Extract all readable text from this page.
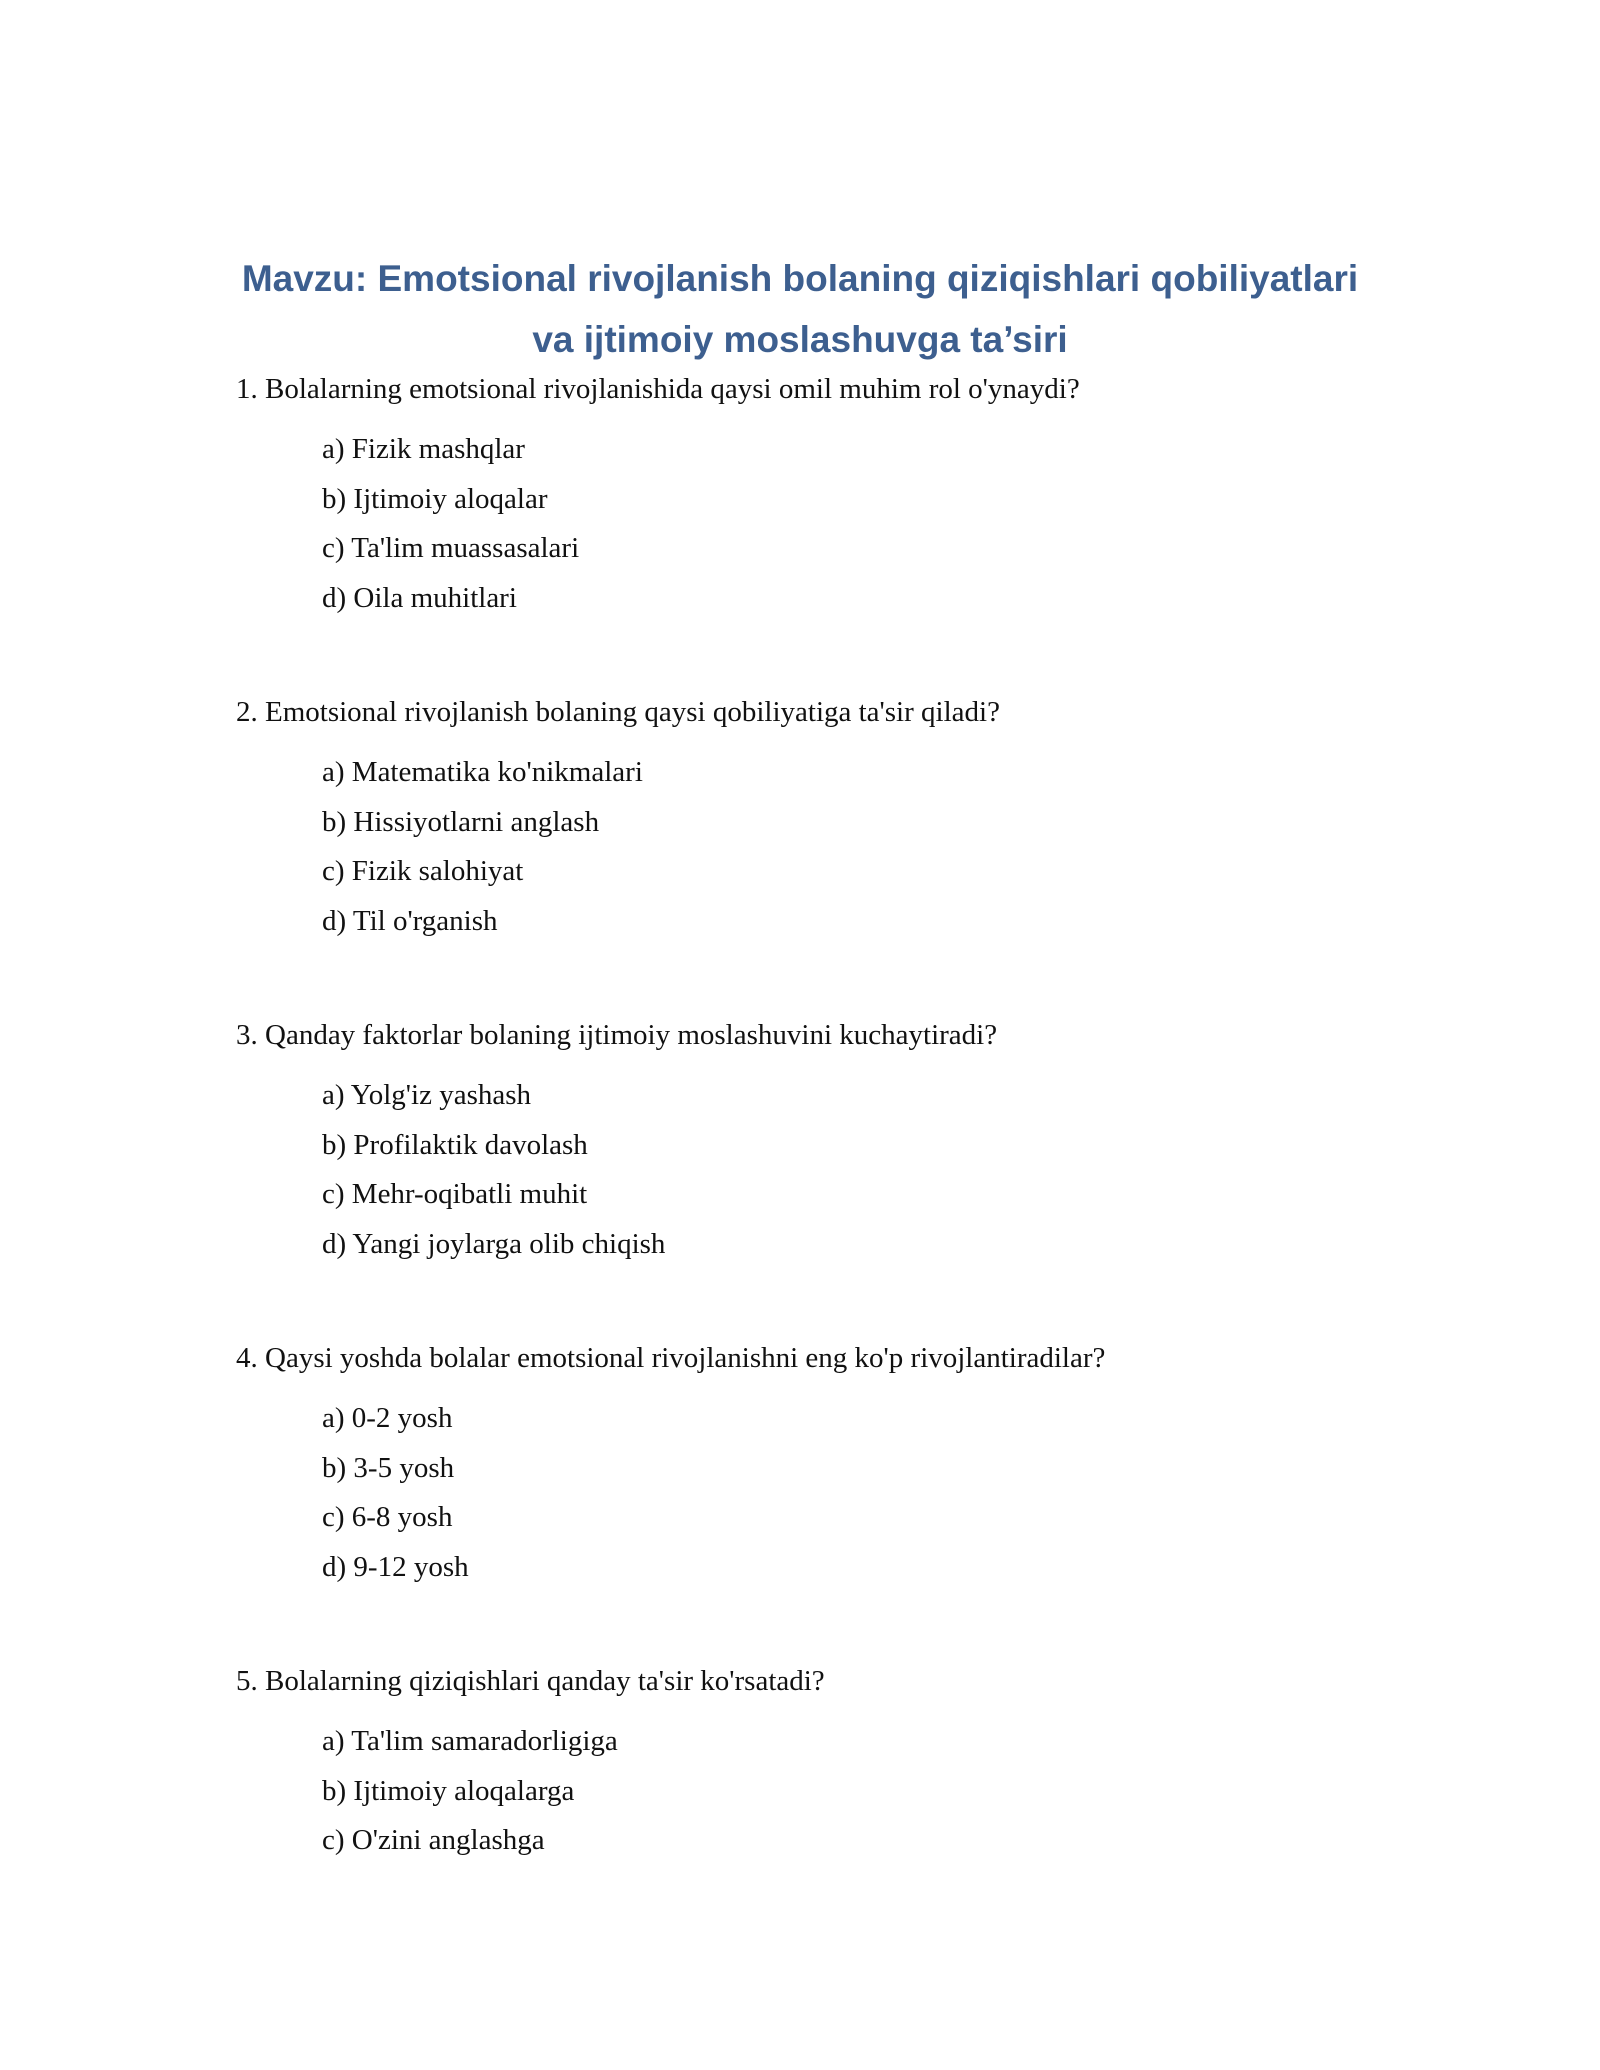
Mavzu: Emotsional rivojlanish bolaning qiziqishlari qobiliyatlari
va ijtimoiy moslashuvga ta’siri
1. Bolalarning emotsional rivojlanishida qaysi omil muhim rol o'ynaydi?
a) Fizik mashqlar
b) Ijtimoiy aloqalar
c) Ta'lim muassasalari
d) Oila muhitlari
2. Emotsional rivojlanish bolaning qaysi qobiliyatiga ta'sir qiladi?
a) Matematika ko'nikmalari
b) Hissiyotlarni anglash
c) Fizik salohiyat
d) Til o'rganish
3. Qanday faktorlar bolaning ijtimoiy moslashuvini kuchaytiradi?
a) Yolg'iz yashash
b) Profilaktik davolash
c) Mehr-oqibatli muhit
d) Yangi joylarga olib chiqish
4. Qaysi yoshda bolalar emotsional rivojlanishni eng ko'p rivojlantiradilar?
a) 0-2 yosh
b) 3-5 yosh
c) 6-8 yosh
d) 9-12 yosh
5. Bolalarning qiziqishlari qanday ta'sir ko'rsatadi?
a) Ta'lim samaradorligiga
b) Ijtimoiy aloqalarga
c) O'zini anglashga
